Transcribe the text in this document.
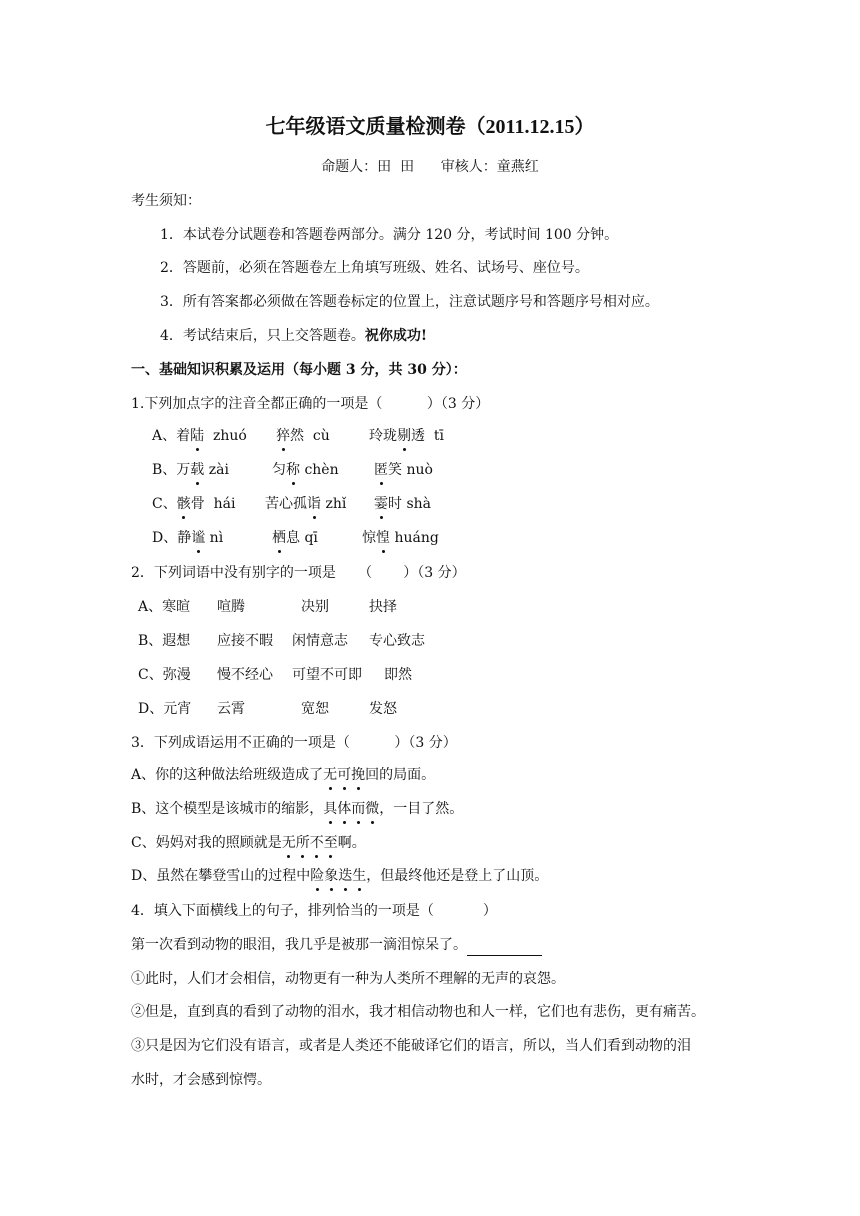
七年级语文质量检测卷（2011.12.15）
命题人：田  田      审核人：童燕红
考生须知：
1．本试卷分试题卷和答题卷两部分。满分 120 分，考试时间 100 分钟。
2．答题前，必须在答题卷左上角填写班级、姓名、试场号、座位号。
3．所有答案都必须做在答题卷标定的位置上，注意试题序号和答题序号相对应。
4．考试结束后，只上交答题卷。祝你成功!
一、基础知识积累及运用（每小题 3 分，共 30 分）：
1.下列加点字的注音全都正确的一项是（          ）（3 分）
A、着陆  zhuó 猝然  cù	玲珑剔透  tī
B、万载 zài	匀称 chèn	匿笑 nuò
C、骸骨  hái 苦心孤诣 zhǐ 霎时 shà
D、静谧 nì	栖息 qī	惊惶 huáng
2．下列词语中没有别字的一项是     （       ）（3 分）
A、寒暄 喧腾	决别	抉择
B、遐想 应接不暇 闲情意志 专心致志
C、弥漫 慢不经心 可望不可即 即然
D、元宵 云霄	宽恕	发怒
3．下列成语运用不正确的一项是（          ）（3 分）
A、你的这种做法给班级造成了无可挽回的局面。
B、这个模型是该城市的缩影，具体而微，一目了然。
C、妈妈对我的照顾就是无所不至啊。
D、虽然在攀登雪山的过程中险象迭生，但最终他还是登上了山顶。
4．填入下面横线上的句子，排列恰当的一项是（           ）
第一次看到动物的眼泪，我几乎是被那一滴泪惊呆了。
①此时，人们才会相信，动物更有一种为人类所不理解的无声的哀怨。
②但是，直到真的看到了动物的泪水，我才相信动物也和人一样，它们也有悲伤，更有痛苦。
③只是因为它们没有语言，或者是人类还不能破译它们的语言，所以，当人们看到动物的泪
水时，才会感到惊愕。
